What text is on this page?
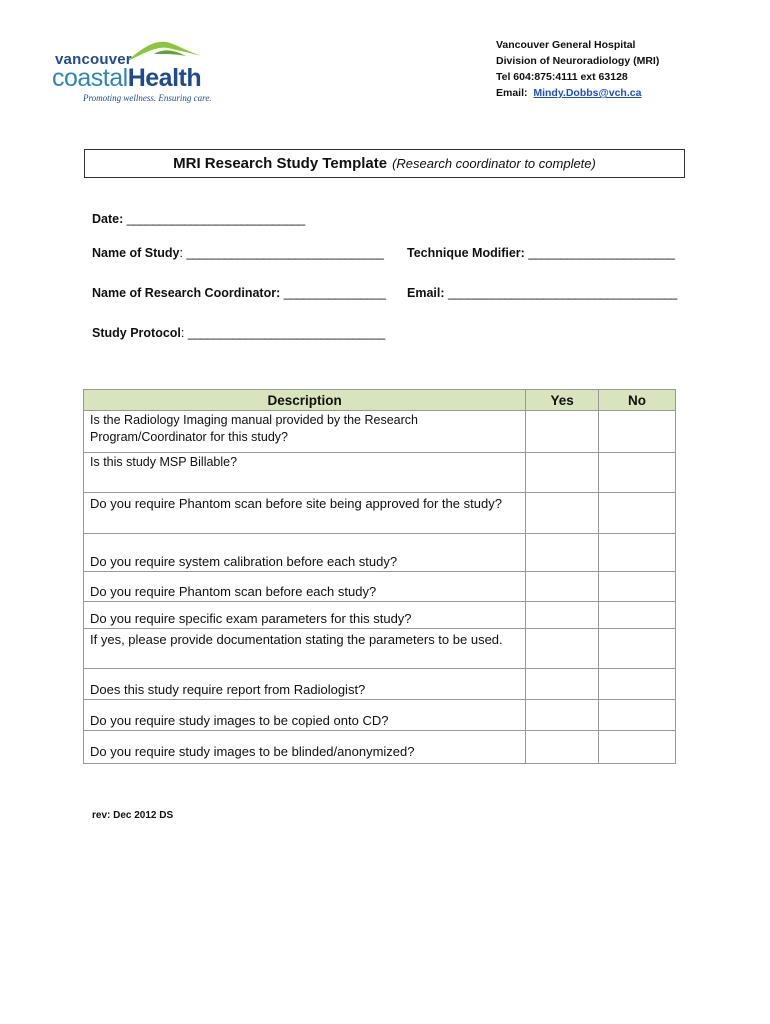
vancouver
coastalHealth
Promoting wellness. Ensuring care.
Vancouver General Hospital
Division of Neuroradiology (MRI)
Tel 604:875:4111 ext 63128
Email: Mindy.Dobbs@vch.ca
MRI Research Study Template (Research coordinator to complete)
Date: ____________________________
Name of Study: _______________________________ Technique Modifier: _______________________
Name of Research Coordinator: ________________ Email: ____________________________________
Study Protocol: _______________________________
Description	Yes	No
Is the Radiology Imaging manual provided by the Research Program/Coordinator for this study?		
Is this study MSP Billable?		
Do you require Phantom scan before site being approved for the study?		
Do you require system calibration before each study?		
Do you require Phantom scan before each study?		
Do you require specific exam parameters for this study?		
If yes, please provide documentation stating the parameters to be used.		
Does this study require report from Radiologist?		
Do you require study images to be copied onto CD?		
Do you require study images to be blinded/anonymized?		
rev: Dec 2012 DS
